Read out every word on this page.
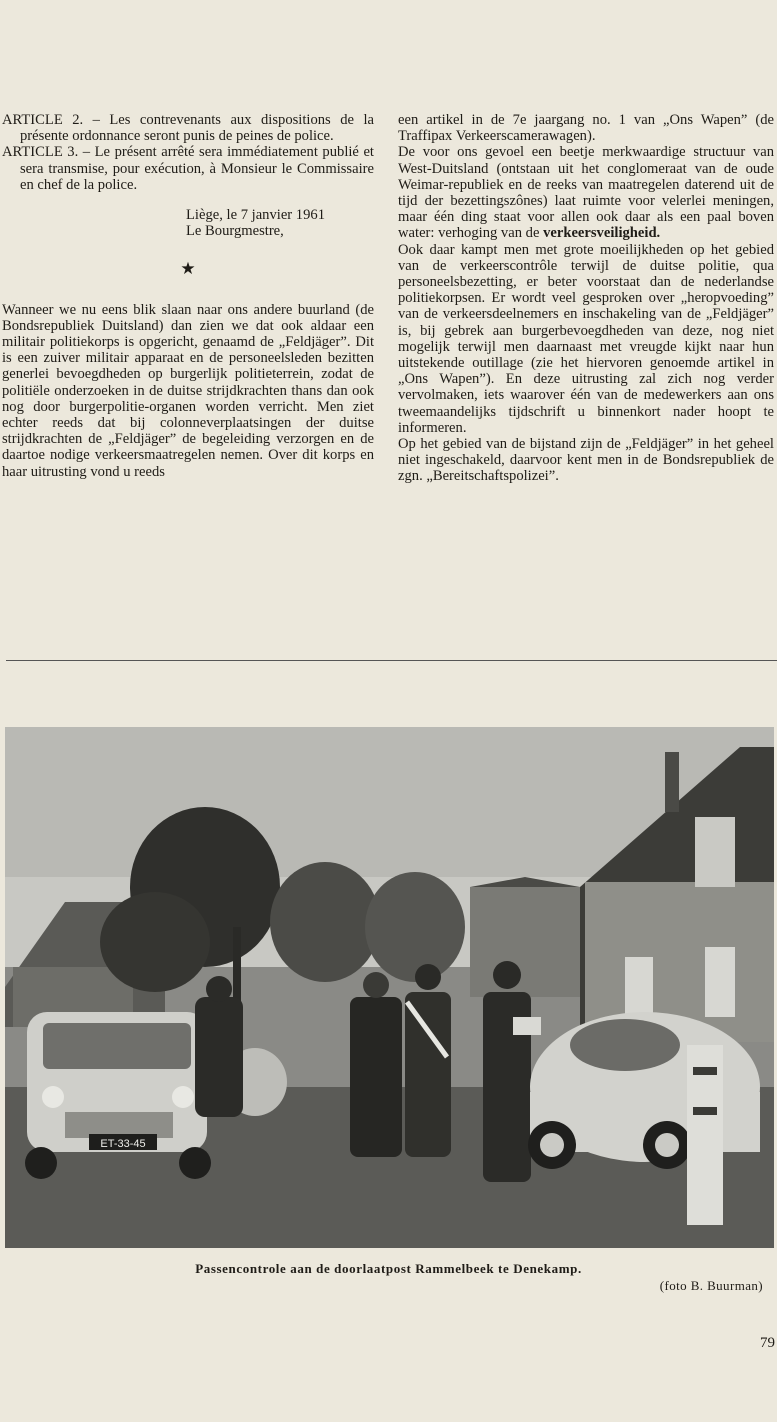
ARTICLE 2. – Les contrevenants aux dispositions de la présente ordonnance seront punis de peines de police.

ARTICLE 3. – Le présent arrêté sera immédiatement publié et sera transmise, pour exécution, à Monsieur le Commissaire en chef de la police.

Liège, le 7 janvier 1961

Le Bourgmestre,

★

Wanneer we nu eens blik slaan naar ons andere buurland (de Bondsrepubliek Duitsland) dan zien we dat ook aldaar een militair politiekorps is opgericht, genaamd de „Feldjäger”. Dit is een zuiver militair apparaat en de personeelsleden bezitten generlei bevoegdheden op burgerlijk politieterrein, zodat de politiële onderzoeken in de duitse strijdkrachten thans dan ook nog door burgerpolitie-organen worden verricht. Men ziet echter reeds dat bij colonneverplaatsingen der duitse strijdkrachten de „Feldjäger” de begeleiding verzorgen en de daartoe nodige verkeersmaatregelen nemen. Over dit korps en haar uitrusting vond u reeds

een artikel in de 7e jaargang no. 1 van „Ons Wapen” (de Traffipax Verkeerscamerawagen).

De voor ons gevoel een beetje merkwaardige structuur van West-Duitsland (ontstaan uit het conglomeraat van de oude Weimar-republiek en de reeks van maatregelen daterend uit de tijd der bezettingszônes) laat ruimte voor velerlei meningen, maar één ding staat voor allen ook daar als een paal boven water: verhoging van de verkeersveiligheid.

Ook daar kampt men met grote moeilijkheden op het gebied van de verkeerscontrôle terwijl de duitse politie, qua personeelsbezetting, er beter voorstaat dan de nederlandse politiekorpsen. Er wordt veel gesproken over „heropvoeding” van de verkeersdeelnemers en inschakeling van de „Feldjäger” is, bij gebrek aan burgerbevoegdheden van deze, nog niet mogelijk terwijl men daarnaast met vreugde kijkt naar hun uitstekende outillage (zie het hiervoren genoemde artikel in „Ons Wapen”). En deze uitrusting zal zich nog verder vervolmaken, iets waarover één van de medewerkers aan ons tweemaandelijks tijdschrift u binnenkort nader hoopt te informeren.

Op het gebied van de bijstand zijn de „Feldjäger” in het geheel niet ingeschakeld, daarvoor kent men in de Bondsrepubliek de zgn. „Bereitschaftspolizei”.

ET-33-45
Passencontrole aan de doorlaatpost Rammelbeek te Denekamp.
(foto B. Buurman)
79
